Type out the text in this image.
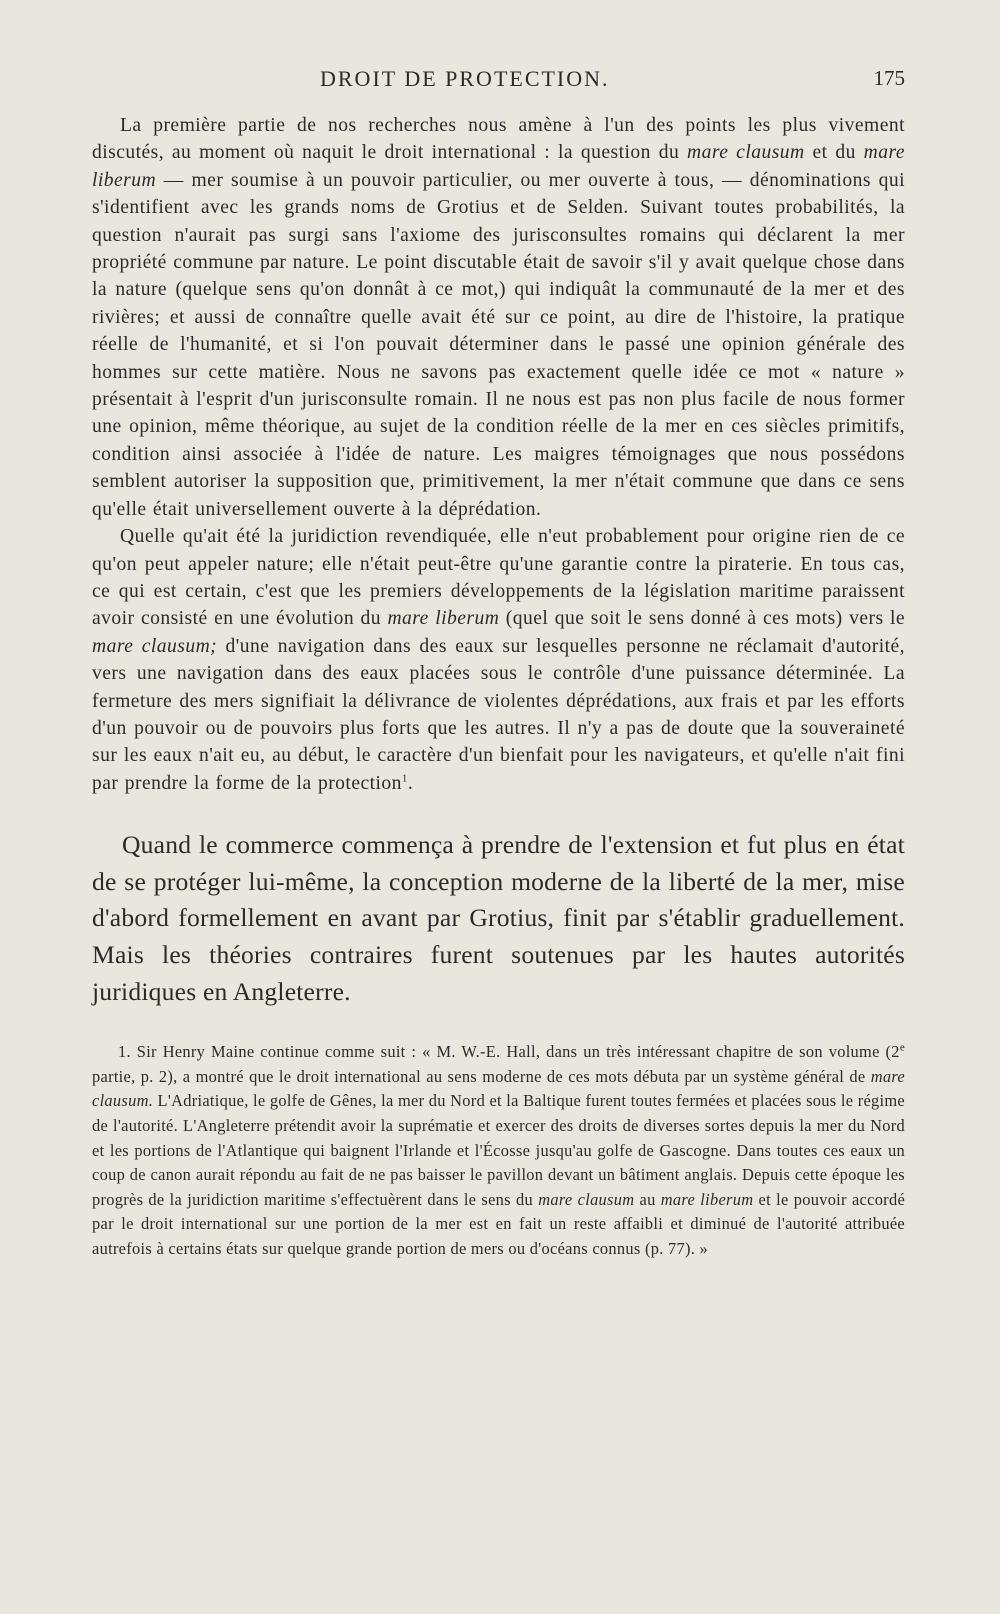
DROIT DE PROTECTION.	175

La première partie de nos recherches nous amène à l'un des points les plus vivement discutés, au moment où naquit le droit international : la question du mare clausum et du mare liberum — mer soumise à un pouvoir particulier, ou mer ouverte à tous, — dénominations qui s'identifient avec les grands noms de Grotius et de Selden. Suivant toutes probabilités, la question n'aurait pas surgi sans l'axiome des jurisconsultes romains qui déclarent la mer propriété commune par nature. Le point discutable était de savoir s'il y avait quelque chose dans la nature (quelque sens qu'on donnât à ce mot,) qui indiquât la communauté de la mer et des rivières; et aussi de connaître quelle avait été sur ce point, au dire de l'histoire, la pratique réelle de l'humanité, et si l'on pouvait déterminer dans le passé une opinion générale des hommes sur cette matière. Nous ne savons pas exactement quelle idée ce mot « nature » présentait à l'esprit d'un jurisconsulte romain. Il ne nous est pas non plus facile de nous former une opinion, même théorique, au sujet de la condition réelle de la mer en ces siècles primitifs, condition ainsi associée à l'idée de nature. Les maigres témoignages que nous possédons semblent autoriser la supposition que, primitivement, la mer n'était commune que dans ce sens qu'elle était universellement ouverte à la déprédation.

Quelle qu'ait été la juridiction revendiquée, elle n'eut probablement pour origine rien de ce qu'on peut appeler nature; elle n'était peut-être qu'une garantie contre la piraterie. En tous cas, ce qui est certain, c'est que les premiers développements de la législation maritime paraissent avoir consisté en une évolution du mare liberum (quel que soit le sens donné à ces mots) vers le mare clausum; d'une navigation dans des eaux sur lesquelles personne ne réclamait d'autorité, vers une navigation dans des eaux placées sous le contrôle d'une puissance déterminée. La fermeture des mers signifiait la délivrance de violentes déprédations, aux frais et par les efforts d'un pouvoir ou de pouvoirs plus forts que les autres. Il n'y a pas de doute que la souveraineté sur les eaux n'ait eu, au début, le caractère d'un bienfait pour les navigateurs, et qu'elle n'ait fini par prendre la forme de la protection$^1$.

Quand le commerce commença à prendre de l'extension et fut plus en état de se protéger lui-même, la conception moderne de la liberté de la mer, mise d'abord formellement en avant par Grotius, finit par s'établir graduellement. Mais les théories contraires furent soutenues par les hautes autorités juridiques en Angleterre.

1. Sir Henry Maine continue comme suit : « M. W.-E. Hall, dans un très intéressant chapitre de son volume (2e partie, p. 2), a montré que le droit international au sens moderne de ces mots débuta par un système général de mare clausum. L'Adriatique, le golfe de Gênes, la mer du Nord et la Baltique furent toutes fermées et placées sous le régime de l'autorité. L'Angleterre prétendit avoir la suprématie et exercer des droits de diverses sortes depuis la mer du Nord et les portions de l'Atlantique qui baignent l'Irlande et l'Écosse jusqu'au golfe de Gascogne. Dans toutes ces eaux un coup de canon aurait répondu au fait de ne pas baisser le pavillon devant un bâtiment anglais. Depuis cette époque les progrès de la juridiction maritime s'effectuèrent dans le sens du mare clausum au mare liberum et le pouvoir accordé par le droit international sur une portion de la mer est en fait un reste affaibli et diminué de l'autorité attribuée autrefois à certains états sur quelque grande portion de mers ou d'océans connus (p. 77). »
